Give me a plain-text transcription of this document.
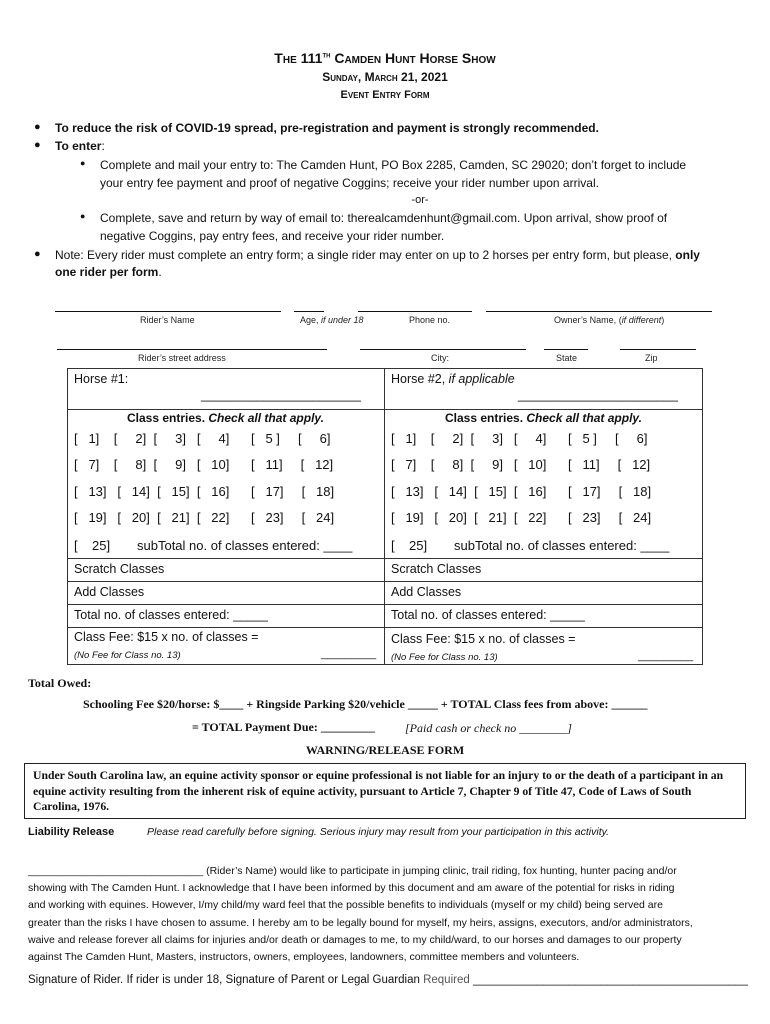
The 111th Camden Hunt Horse Show
Sunday, March 21, 2021
Event Entry Form
● To reduce the risk of COVID-19 spread, pre-registration and payment is strongly recommended.
● To enter:
● Complete and mail your entry to: The Camden Hunt, PO Box 2285, Camden, SC 29020; don’t forget to include
your entry fee payment and proof of negative Coggins; receive your rider number upon arrival.
-or-
● Complete, save and return by way of email to: therealcamdenhunt@gmail.com. Upon arrival, show proof of
negative Coggins, pay entry fees, and receive your rider number.
● Note: Every rider must complete an entry form; a single rider may enter on up to 2 horses per entry form, but please, only
one rider per form.
Rider’s Name	Age, if under 18	Phone no.	Owner’s Name, (if different)
Rider’s street address	City:	State	Zip
Horse #1:
_______________________
Class entries. Check all that apply.
[   1]    [     2]  [     3]   [     4]      [   5 ]     [     6]
[   7]    [     8]  [     9]   [   10]      [   11]     [   12]
[   13]   [   14]  [   15]  [   16]      [   17]     [   18]
[   19]   [   20]  [   21]  [   22]      [   23]     [   24]
[    25] subTotal no. of classes entered: ____
Scratch Classes
Add Classes
Total no. of classes entered: _____
Class Fee: $15 x no. of classes =
(No Fee for Class no. 13)	_________
Horse #2, if applicable
_______________________
Class entries. Check all that apply.
[   1]    [     2]  [     3]   [     4]      [   5 ]     [     6]
[   7]    [     8]  [     9]   [   10]      [   11]     [   12]
[   13]   [   14]  [   15]  [   16]      [   17]     [   18]
[   19]   [   20]  [   21]  [   22]      [   23]     [   24]
[    25] subTotal no. of classes entered: ____
Scratch Classes
Add Classes
Total no. of classes entered: _____
Class Fee: $15 x no. of classes =
(No Fee for Class no. 13)	_________
Total Owed:
Schooling Fee $20/horse: $____ + Ringside Parking $20/vehicle _____ + TOTAL Class fees from above: ______
= TOTAL Payment Due: _________	[Paid cash or check no ________]
WARNING/RELEASE FORM
Under South Carolina law, an equine activity sponsor or equine professional is not liable for an injury to or the death of a participant in an equine activity resulting from the inherent risk of equine activity, pursuant to Article 7, Chapter 9 of Title 47, Code of Laws of South Carolina, 1976.
Liability Release	Please read carefully before signing. Serious injury may result from your participation in this activity.
______________________________ (Rider’s Name) would like to participate in jumping clinic, trail riding, fox hunting, hunter pacing and/or
showing with The Camden Hunt. I acknowledge that I have been informed by this document and am aware of the potential for risks in riding
and working with equines. However, I/my child/my ward feel that the possible benefits to individuals (myself or my child) being served are
greater than the risks I have chosen to assume. I hereby am to be legally bound for myself, my heirs, assigns, executors, and/or administrators,
waive and release forever all claims for injuries and/or death or damages to me, to my child/ward, to our horses and damages to our property
against The Camden Hunt, Masters, instructors, owners, employees, landowners, committee members and volunteers.
Signature of Rider. If rider is under 18, Signature of Parent or Legal Guardian Required ___________________________________________
